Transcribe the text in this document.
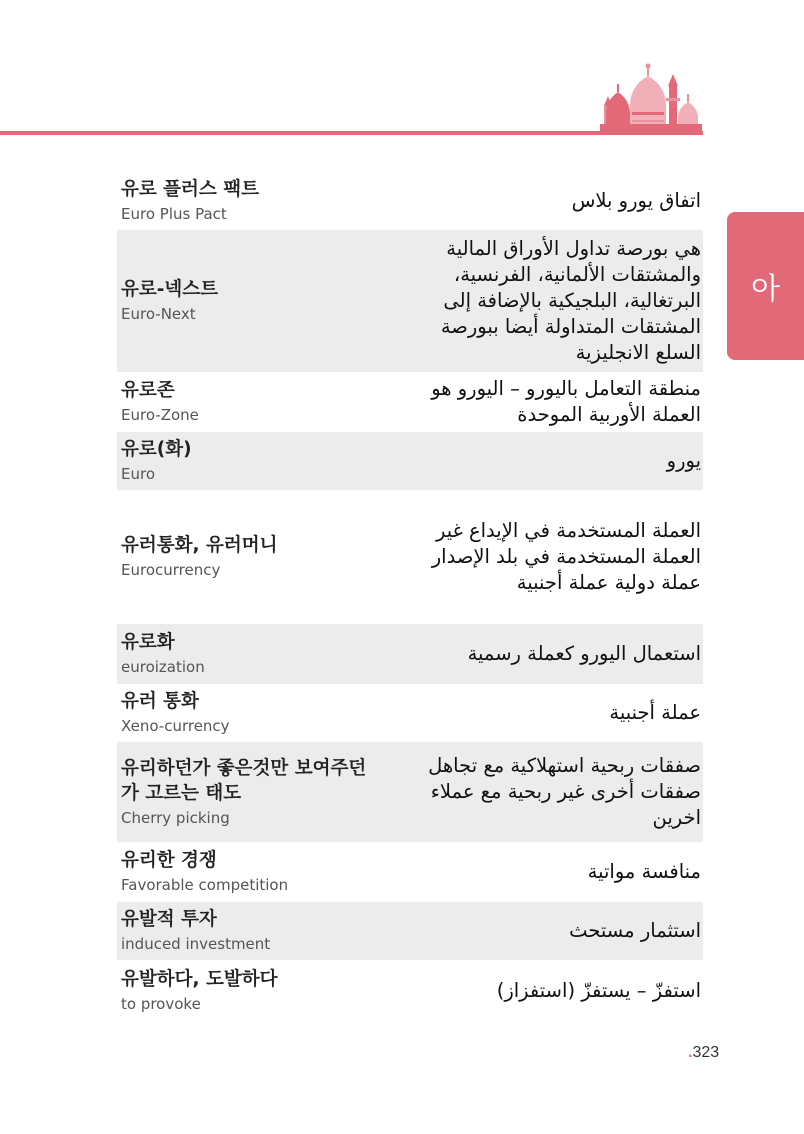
아
유로 플러스 팩트
Euro Plus Pact
اتفاق يورو بلاس
유로-넥스트
Euro-Next
هي بورصة تداول الأوراق المالية والمشتقات الألمانية، الفرنسية، البرتغالية، البلجيكية بالإضافة إلى المشتقات المتداولة أيضا ببورصة السلع الانجليزية
유로존
Euro-Zone
منطقة التعامل باليورو – اليورو هو العملة الأوربية الموحدة
유로(화)
Euro
يورو
유러통화, 유러머니
Eurocurrency
العملة المستخدمة في الإيداع غير العملة المستخدمة في بلد الإصدار عملة دولية عملة أجنبية
유로화
euroization
استعمال اليورو كعملة رسمية
유러 통화
Xeno-currency
عملة أجنبية
유리하던가 좋은것만 보여주던 가 고르는 태도
Cherry picking
صفقات ربحية استهلاكية مع تجاهل صفقات أخرى غير ربحية مع عملاء اخرين
유리한 경쟁
Favorable competition
منافسة مواتية
유발적 투자
induced investment
استثمار مستحث
유발하다, 도발하다
to provoke
استفزّ – يستفزّ (استفزاز)
.323
